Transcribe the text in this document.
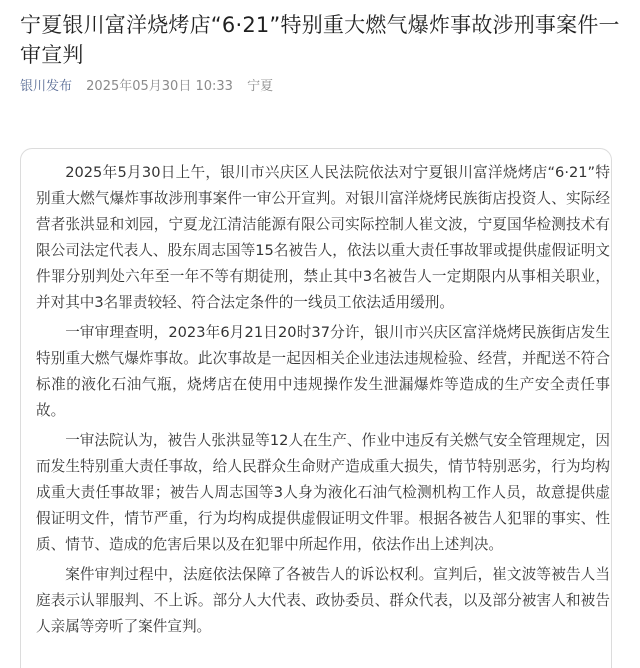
宁夏银川富洋烧烤店“6·21”特别重大燃气爆炸事故涉刑事案件一审宣判
银川发布 2025年05月30日 10:33 宁夏

2025年5月30日上午，银川市兴庆区人民法院依法对宁夏银川富洋烧烤店“6·21”特别重大燃气爆炸事故涉刑事案件一审公开宣判。对银川富洋烧烤民族街店投资人、实际经营者张洪显和刘园，宁夏龙江清洁能源有限公司实际控制人崔文波，宁夏国华检测技术有限公司法定代表人、股东周志国等15名被告人，依法以重大责任事故罪或提供虚假证明文件罪分别判处六年至一年不等有期徒刑，禁止其中3名被告人一定期限内从事相关职业，并对其中3名罪责较轻、符合法定条件的一线员工依法适用缓刑。

一审审理查明，2023年6月21日20时37分许，银川市兴庆区富洋烧烤民族街店发生特别重大燃气爆炸事故。此次事故是一起因相关企业违法违规检验、经营，并配送不符合标准的液化石油气瓶，烧烤店在使用中违规操作发生泄漏爆炸等造成的生产安全责任事故。

一审法院认为，被告人张洪显等12人在生产、作业中违反有关燃气安全管理规定，因而发生特别重大责任事故，给人民群众生命财产造成重大损失，情节特别恶劣，行为均构成重大责任事故罪；被告人周志国等3人身为液化石油气检测机构工作人员，故意提供虚假证明文件，情节严重，行为均构成提供虚假证明文件罪。根据各被告人犯罪的事实、性质、情节、造成的危害后果以及在犯罪中所起作用，依法作出上述判决。

案件审判过程中，法庭依法保障了各被告人的诉讼权利。宣判后，崔文波等被告人当庭表示认罪服判、不上诉。部分人大代表、政协委员、群众代表，以及部分被害人和被告人亲属等旁听了案件宣判。
